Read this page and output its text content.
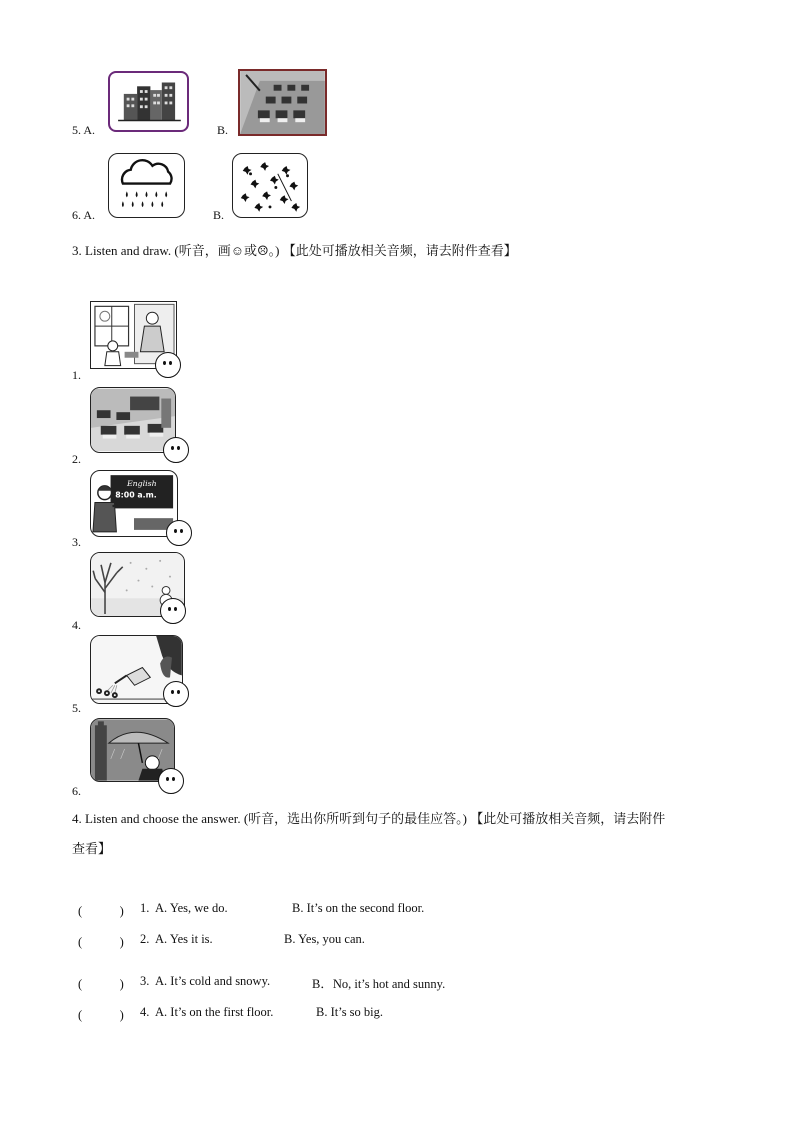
5. A.	B.
6. A.	B.
3. Listen and draw. (听音，画☺或☹。) 【此处可播放相关音频，请去附件查看】
1.
2.
3.
English
8:00 a.m.
4.
5.
6.
4. Listen and choose the answer. (听音，选出你所听到句子的最佳应答。) 【此处可播放相关音频，请去附件
查看】
(　　　) 1. A. Yes, we do.	B. It’s on the second floor.
(　　　) 2. A. Yes it is.	B. Yes, you can.
(　　　) 3. A. It’s cold and snowy.	B．No, it’s hot and sunny.
(　　　) 4. A. It’s on the first floor.	B. It’s so big.
